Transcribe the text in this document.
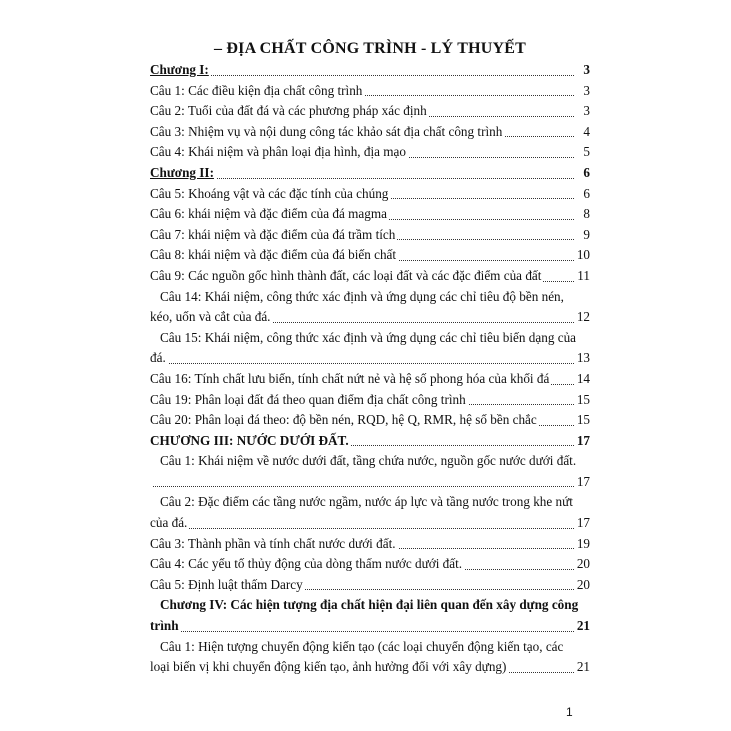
– ĐỊA CHẤT CÔNG TRÌNH - LÝ THUYẾT
Chương I:	3
Câu 1: Các điều kiện địa chất công trình	3
Câu 2: Tuổi của đất đá và các phương pháp xác định	3
Câu 3: Nhiệm vụ và nội dung công tác khảo sát địa chất công trình	4
Câu 4: Khái niệm và phân loại địa hình, địa mạo	5
Chương II:	6
Câu 5: Khoáng vật và các đặc tính của chúng	6
Câu 6: khái niệm và đặc điểm của đá magma	8
Câu 7: khái niệm và đặc điểm của đá trầm tích	9
Câu 8: khái niệm và đặc điểm của đá biến chất	10
Câu 9: Các nguồn gốc hình thành đất, các loại đất và các đặc điểm của đất	11
Câu 14: Khái niệm, công thức xác định và ứng dụng các chỉ tiêu độ bền nén,
kéo, uốn và cắt của đá.	12
Câu 15: Khái niệm, công thức xác định và ứng dụng các chỉ tiêu biến dạng của
đá.	13
Câu 16: Tính chất lưu biến, tính chất nứt nẻ và hệ số phong hóa của khối đá 14
Câu 19: Phân loại đất đá theo quan điểm địa chất công trình	15
Câu 20: Phân loại đá theo: độ bền nén, RQD, hệ Q, RMR, hệ số bền chắc	15
CHƯƠNG III: NƯỚC DƯỚI ĐẤT.	17
Câu 1: Khái niệm về nước dưới đất, tầng chứa nước, nguồn gốc nước dưới đất.
17
Câu 2: Đặc điểm các tầng nước ngầm, nước áp lực và tầng nước trong khe nứt
của đá.	17
Câu 3: Thành phần và tính chất nước dưới đất.	19
Câu 4: Các yếu tố thủy động của dòng thấm nước dưới đất.	20
Câu 5: Định luật thấm Darcy	20
Chương IV: Các hiện tượng địa chất hiện đại liên quan đến xây dựng công
trình	21
Câu 1: Hiện tượng chuyển động kiến tạo (các loại chuyển động kiến tạo, các
loại biến vị khi chuyển động kiến tạo, ảnh hưởng đối với xây dựng)	21
1
